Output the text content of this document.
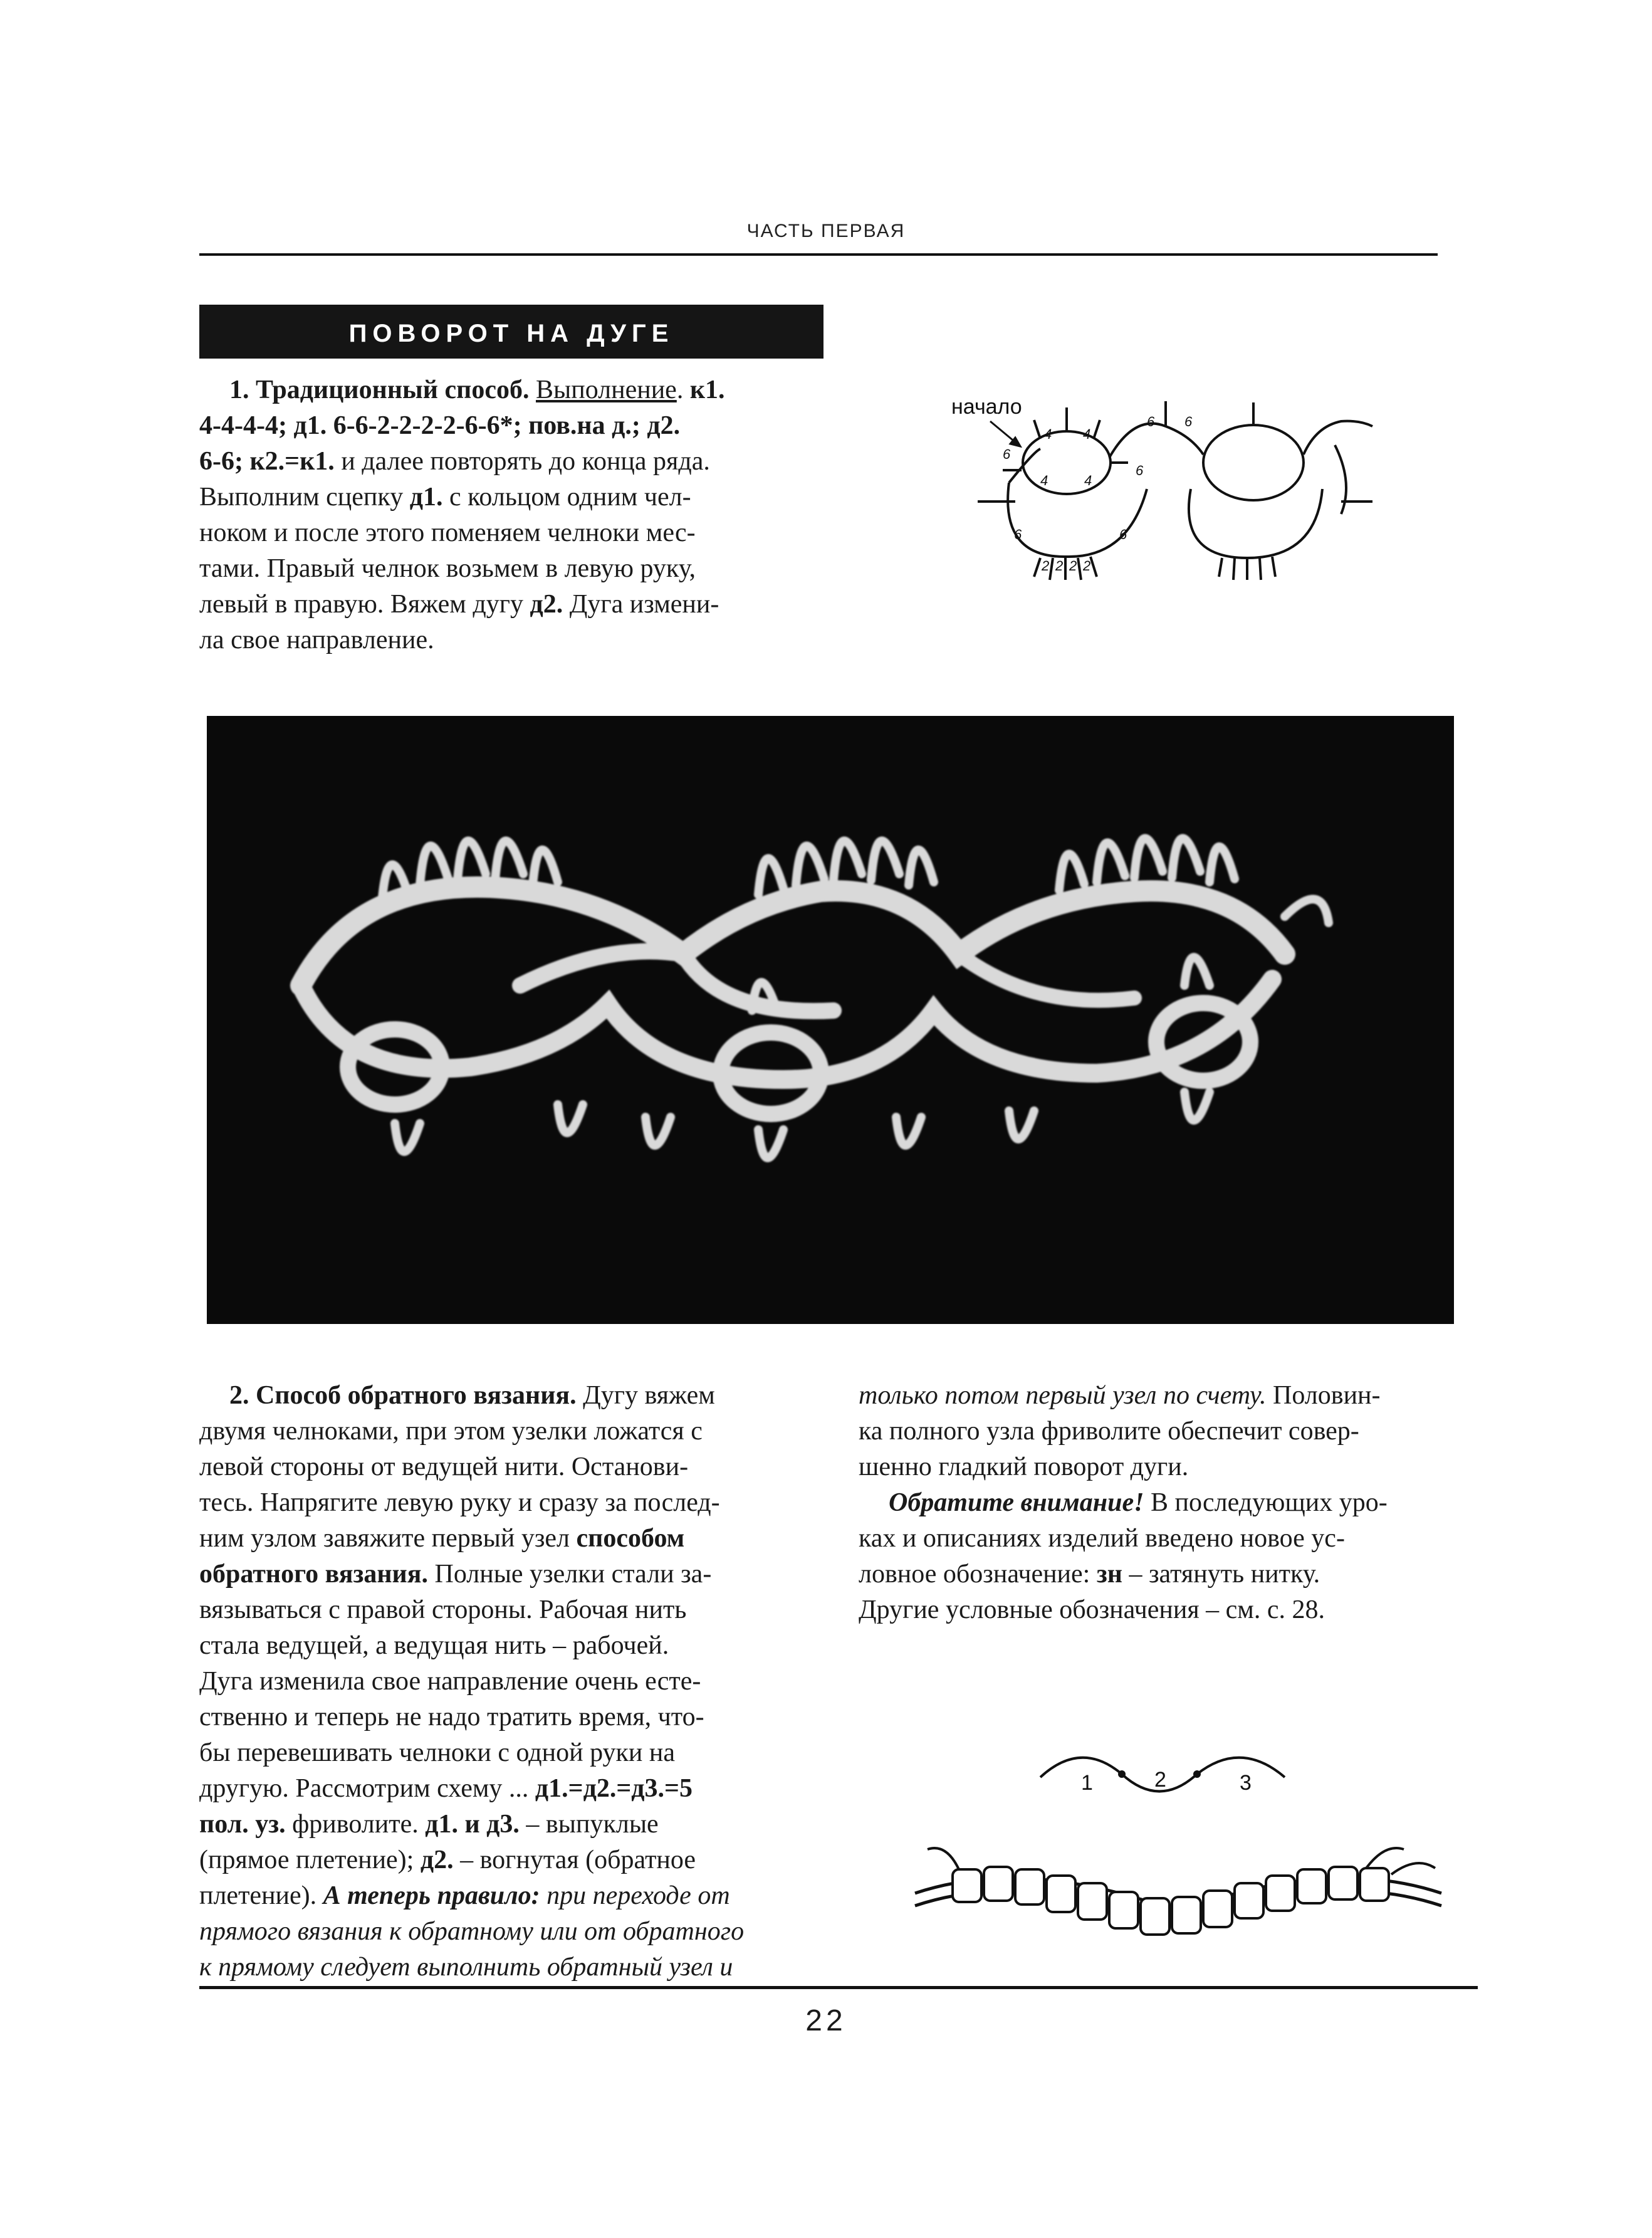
ЧАСТЬ ПЕРВАЯ
ПОВОРОТ НА ДУГЕ
1. Традиционный способ. Выполнение. к1.
4-4-4-4; д1. 6-6-2-2-2-2-6-6*; пов.на д.; д2.
6-6; к2.=к1. и далее повторять до конца ряда.
Выполним сцепку д1. с кольцом одним чел-
ноком и после этого поменяем челноки мес-
тами. Правый челнок возьмем в левую руку,
левый в правую. Вяжем дугу д2. Дуга измени-
ла свое направление.
начало
4 4
4	4
6
6	6
6
2 2 2 2
6 6
2. Способ обратного вязания. Дугу вяжем
двумя челноками, при этом узелки ложатся с
левой стороны от ведущей нити. Останови-
тесь. Напрягите левую руку и сразу за послед-
ним узлом завяжите первый узел способом
обратного вязания. Полные узелки стали за-
вязываться с правой стороны. Рабочая нить
стала ведущей, а ведущая нить – рабочей.
Дуга изменила свое направление очень есте-
ственно и теперь не надо тратить время, что-
бы перевешивать челноки с одной руки на
другую. Рассмотрим схему ... д1.=д2.=д3.=5
пол. уз. фриволите. д1. и д3. – выпуклые
(прямое плетение); д2. – вогнутая (обратное
плетение). А теперь правило: при переходе от
прямого вязания к обратному или от обратного
к прямому следует выполнить обратный узел и
только потом первый узел по счету. Половин-
ка полного узла фриволите обеспечит совер-
шенно гладкий поворот дуги.
Обратите внимание! В последующих уро-
ках и описаниях изделий введено новое ус-
ловное обозначение: зн – затянуть нитку.
Другие условные обозначения – см. с. 28.
1	2	3
22
